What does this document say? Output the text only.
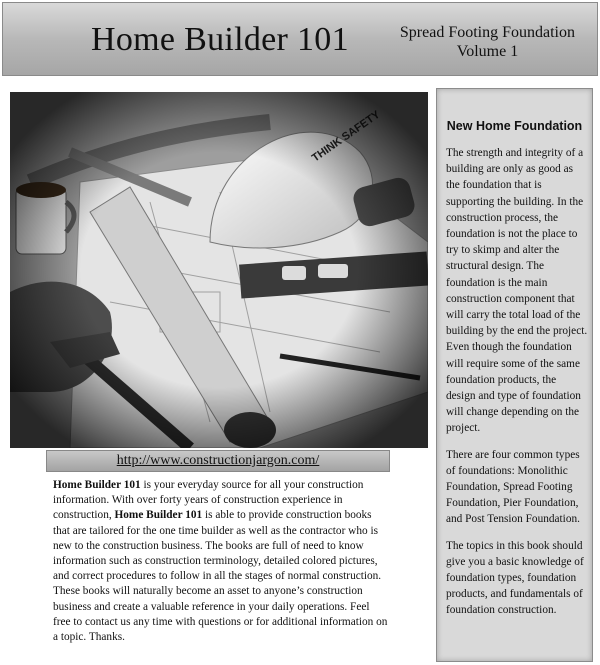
Home Builder 101	Spread Footing Foundation
Volume 1
http://www.constructionjargon.com/
Home Builder 101 is your everyday source for all your construction information. With over forty years of construction experience in construction, Home Builder 101 is able to provide construction books that are tailored for the one time builder as well as the contractor who is new to the construction business. The books are full of need to know information such as construction terminology, detailed colored pictures, and correct procedures to follow in all the stages of normal construction. These books will naturally become an asset to anyone’s construction business and create a valuable reference in your daily operations. Feel free to contact us any time with questions or for additional information on a topic. Thanks.
New Home Foundation

The strength and integrity of a building are only as good as the foundation that is supporting the building. In the construction process, the foundation is not the place to try to skimp and alter the structural design. The foundation is the main construction component that will carry the total load of the building by the end the project. Even though the foundation will require some of the same foundation products, the design and type of foundation will change depending on the project.

There are four common types of foundations: Monolithic Foundation, Spread Footing Foundation, Pier Foundation, and Post Tension Foundation.

The topics in this book should give you a basic knowledge of foundation types, foundation products, and fundamentals of foundation construction.
